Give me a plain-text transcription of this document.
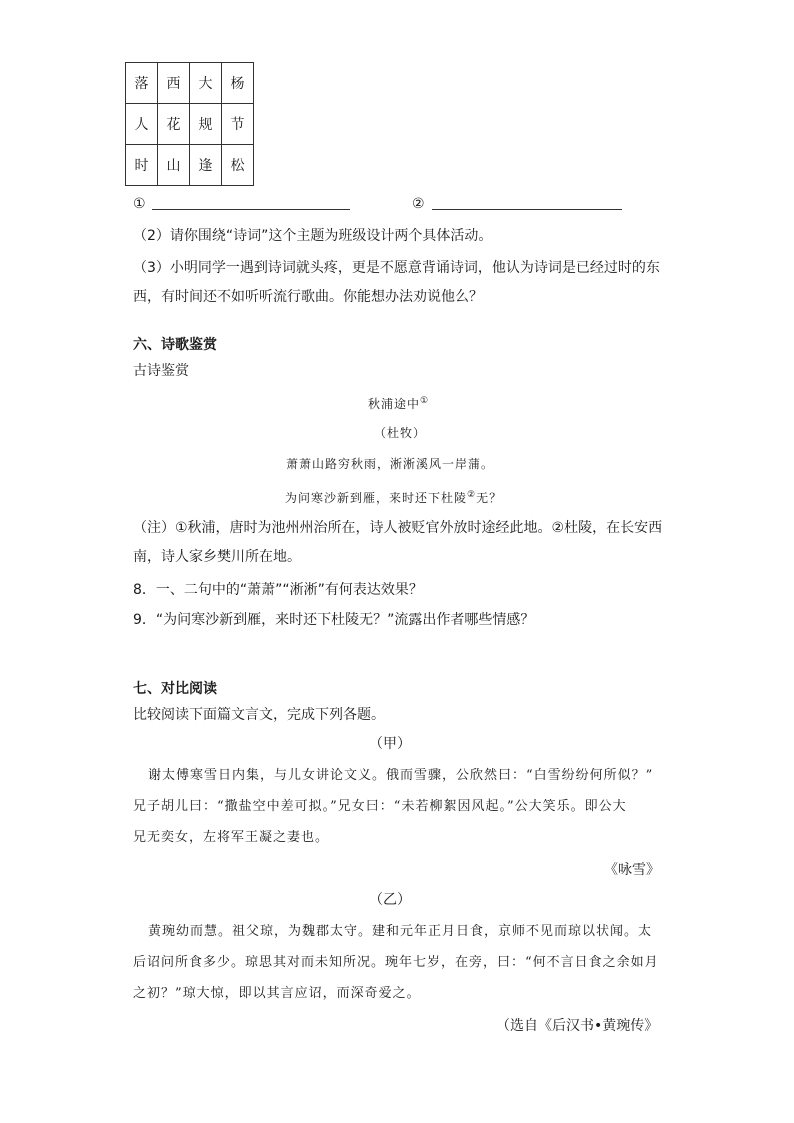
落	西	大	杨
人	花	规	节
时	山	逢	松
①	②
（2）请你围绕“诗词”这个主题为班级设计两个具体活动。
（3）小明同学一遇到诗词就头疼，更是不愿意背诵诗词，他认为诗词是已经过时的东
西，有时间还不如听听流行歌曲。你能想办法劝说他么？
六、诗歌鉴赏
古诗鉴赏
秋浦途中①
（杜牧）
萧萧山路穷秋雨，淅淅溪风一岸蒲。
为问寒沙新到雁，来时还下杜陵②无？
（注）①秋浦，唐时为池州州治所在，诗人被贬官外放时途经此地。②杜陵，在长安西
南，诗人家乡樊川所在地。
8．一、二句中的“萧萧”“淅淅”有何表达效果？
9．“为问寒沙新到雁，来时还下杜陵无？”流露出作者哪些情感？
七、对比阅读
比较阅读下面篇文言文，完成下列各题。
（甲）
谢太傅寒雪日内集，与儿女讲论文义。俄而雪骤，公欣然曰：“白雪纷纷何所似？”
兄子胡儿曰：“撒盐空中差可拟。”兄女曰：“未若柳絮因风起。”公大笑乐。即公大
兄无奕女，左将军王凝之妻也。
《咏雪》
（乙）
黄琬幼而慧。祖父琼，为魏郡太守。建和元年正月日食，京师不见而琼以状闻。太
后诏问所食多少。琼思其对而未知所况。琬年七岁，在旁，曰：“何不言日食之余如月
之初？”琼大惊，即以其言应诏，而深奇爱之。
（选自《后汉书•黄琬传》
